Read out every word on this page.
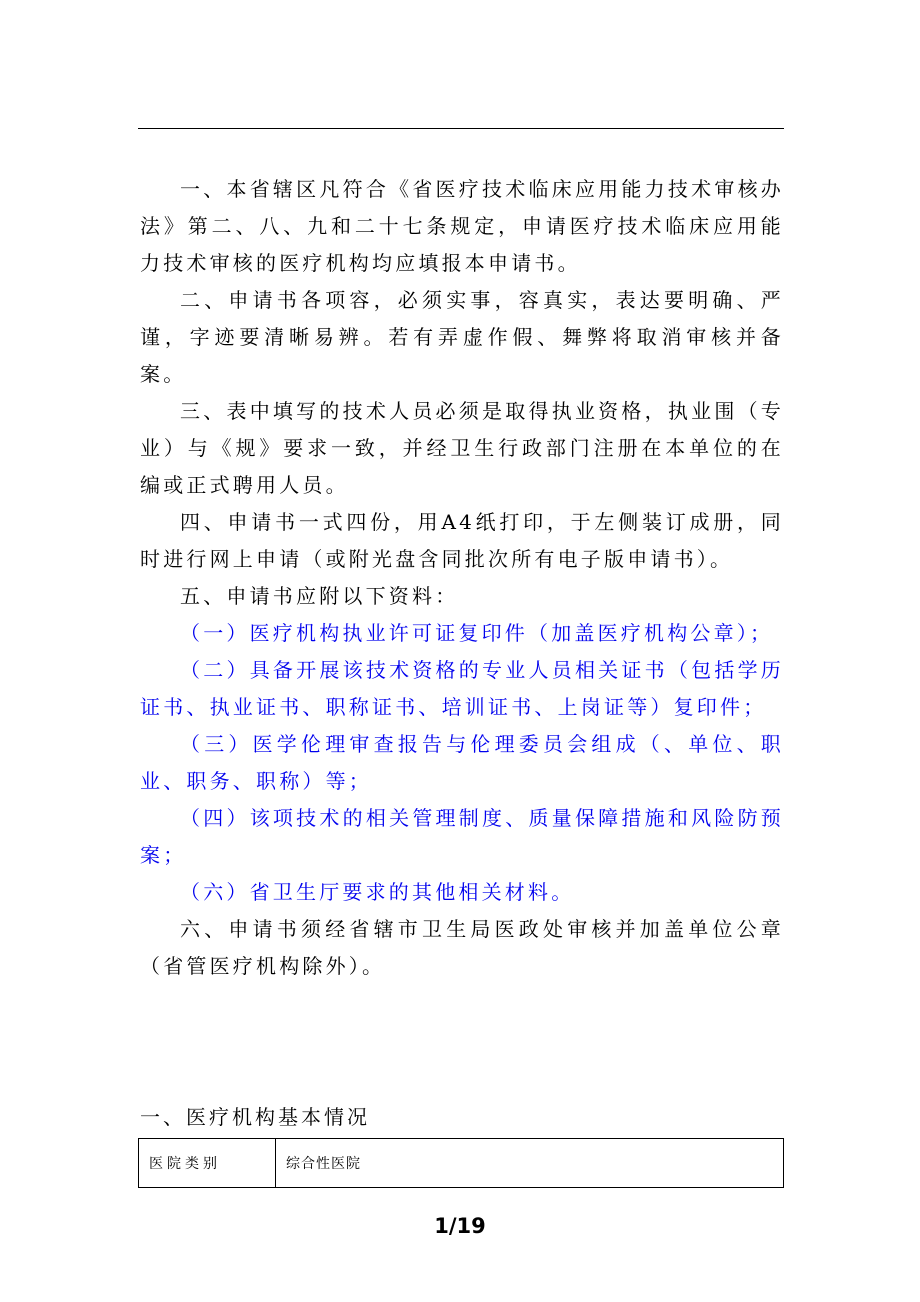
一、本省辖区凡符合《省医疗技术临床应用能力技术审核办法》第二、八、九和二十七条规定，申请医疗技术临床应用能力技术审核的医疗机构均应填报本申请书。

二、申请书各项容，必须实事，容真实，表达要明确、严谨，字迹要清晰易辨。若有弄虚作假、舞弊将取消审核并备案。

三、表中填写的技术人员必须是取得执业资格，执业围（专业）与《规》要求一致，并经卫生行政部门注册在本单位的在编或正式聘用人员。

四、申请书一式四份，用A4纸打印，于左侧装订成册，同时进行网上申请（或附光盘含同批次所有电子版申请书）。

五、申请书应附以下资料：

（一）医疗机构执业许可证复印件（加盖医疗机构公章）；

（二）具备开展该技术资格的专业人员相关证书（包括学历证书、执业证书、职称证书、培训证书、上岗证等）复印件；

（三）医学伦理审查报告与伦理委员会组成（、单位、职业、职务、职称）等；

（四）该项技术的相关管理制度、质量保障措施和风险防预案；

（六）省卫生厅要求的其他相关材料。

六、申请书须经省辖市卫生局医政处审核并加盖单位公章（省管医疗机构除外）。

一、医疗机构基本情况
医院类别	综合性医院
1/19
